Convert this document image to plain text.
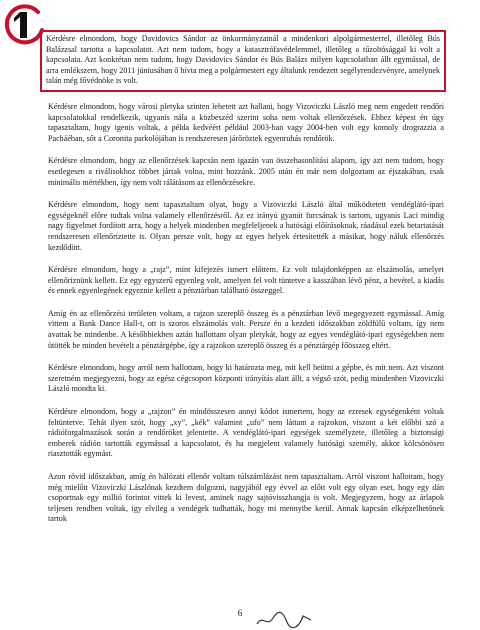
Kérdésre elmondom, hogy Davidovics Sándor az önkormányzatnál a mindenkori alpolgármesterrel, illetőleg Bús Balázzsal tartotta a kapcsolatot. Azt nem tudom, hogy a katasztrófavédelemmel, illetőleg a tűzoltósággal ki volt a kapcsolata. Azt konkrétan nem tudom, hogy Davidovics Sándor és Bús Balázs milyen kapcsolatban állt egymással, de arra emlékszem, hogy 2011 júniusában ő hívta meg a polgármestert egy általunk rendezett segélyrendezvényre, amelynek talán még fővédnöke is volt.

Kérdésre elmondom, hogy városi pletyka szinten lehetett azt hallani, hogy Vizoviczki László meg nem engedett rendőri kapcsolatokkal rendelkezik, ugyanis nála a közbeszéd szerint soha nem voltak ellenőrzések. Ehhez képest én úgy tapasztaltam, hogy igenis voltak, a példa kedvéért például 2003-ban vagy 2004-ben volt egy komoly drograzzia a Pacháéban, sőt a Coronita parkolójában is rendszeresen járőröztek egyenruhás rendőrök.

Kérdésre elmondom, hogy az ellenőrzések kapcsán nem igazán van összehasonlítási alapom, így azt nem tudom, hogy esetlegesen a riválisokhoz többet jártak volna, mint hozzánk. 2005 után én már nem dolgoztam az éjszakában, csak minimális mértékben, így nem volt rálátásom az ellenőrzésekre.

Kérdésre elmondom, hogy nem tapasztaltam olyat, hogy a Vizoviczki László által működtetett vendéglátó-ipari egységeknél előre tudtak volna valamely ellenőrzésről. Az ez irányú gyanút furcsának is tartom, ugyanis Laci mindig nagy figyelmet fordított arra, hogy a helyek mindenben megfeleljenek a hatósági előírásoknak, ráadásul ezek betartatását rendszeresen ellenőriztette is. Olyan persze volt, hogy az egyes helyek értesítették a másikat, hogy náluk ellenőrzés kezdődött.

Kérdésre elmondom, hogy a „rajz”, mint kifejezés ismert előttem. Ez volt tulajdonképpen az elszámolás, amelyet ellenőriznünk kellett. Ez egy egyszerű egyenleg volt, amelyen fel volt tüntetve a kasszában lévő pénz, a bevétel, a kiadás és ennek egyenlegének egyeznie kellett a pénztárban található összeggel.

Amíg én az ellenőrzési területen voltam, a rajzon szereplő összeg és a pénztárban lévő megegyezett egymással. Amíg vittem a Bank Dance Hall-t, ott is szoros elszámolás volt. Persze én a kezdeti időszakban zöldfülű voltam, így nem avattak be mindenbe. A későbbiekben aztán hallottam olyan pletykát, hogy az egyes vendéglátó-ipari egységekben nem ütötték be minden bevételt a pénztárgépbe, így a rajzokon szereplő összeg és a pénztárgép főösszeg eltért.

Kérdésre elmondom, hogy arról nem hallottam, hogy ki határozta meg, mit kell beütni a gépbe, és mit nem. Azt viszont szeretném megjegyezni, hogy az egész cégcsoport központi irányítás alatt állt, a végső szót, pedig mindenben Vizoviczki László mondta ki.

Kérdésre elmondom, hogy a „rajzon” én mindösszesen annyi kódot ismertem, hogy az ezresek egységenként voltak feltüntetve. Tehát ilyen szót, hogy „xy”, „kék” valamint „ufo” nem láttam a rajzokon, viszont a két előbbi szó a rádióforgalmazások során a rendőröket jelentette. A vendéglátó-ipari egységek személyzete, illetőleg a biztonsági emberek rádión tartották egymással a kapcsolatot, és ha megjelent valamely hatósági személy, akkor kölcsönösen riasztották egymást.

Azon rövid időszakban, amíg én hálózati ellenőr voltam túlszámlázást nem tapasztaltam. Arról viszont hallottam, hogy még mielőtt Vizoviczki Lászlónak kezdtem dolgozni, nagyjából egy évvel az előtt volt egy olyan eset, hogy egy dán csoportnak egy millió forintot vittek ki levest, aminek nagy sajtóvisszhangja is volt. Megjegyzem, hogy az árlapok teljesen rendben voltak, így elvileg a vendégek tudhatták, hogy mi mennyibe kerül. Annak kapcsán elképzelhetőnek tartok

6
